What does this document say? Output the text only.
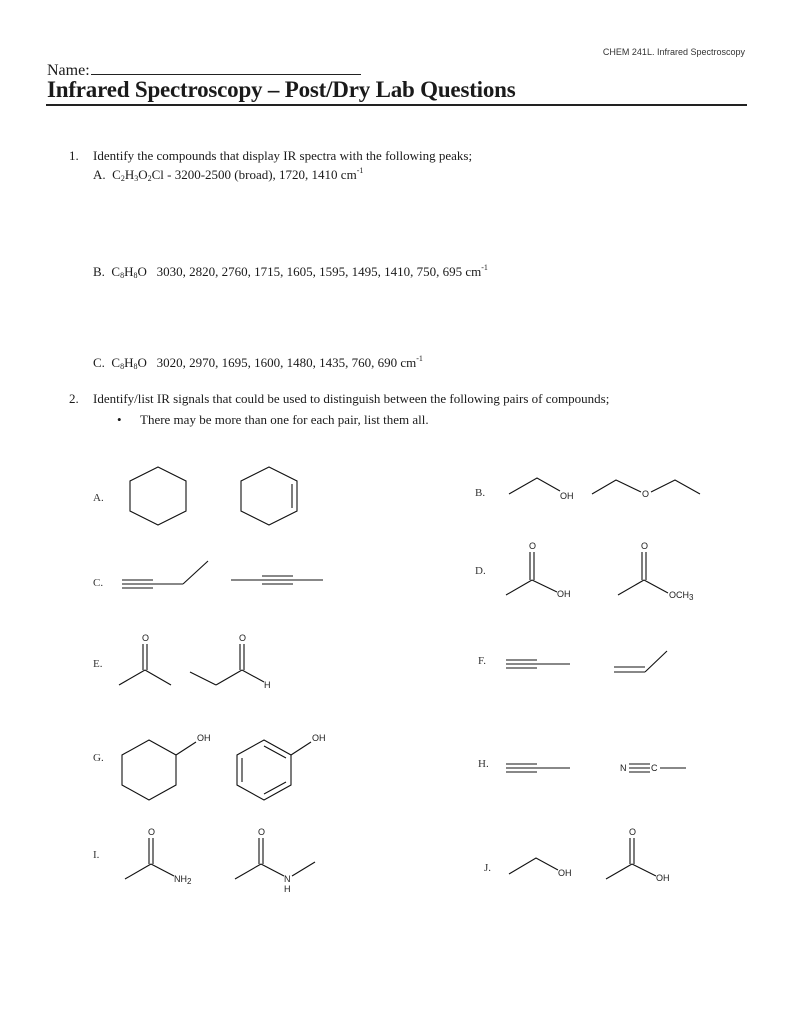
CHEM 241L. Infrared Spectroscopy
Name:
Infrared Spectroscopy – Post/Dry Lab Questions
1. Identify the compounds that display IR spectra with the following peaks;
A. $C_2H_3O_2Cl - 3200-2500$ (broad), 1720, 1410 $cm^{-1}$
B. $C_8H_8O$   3030, 2820, 2760, 1715, 1605, 1595, 1495, 1410, 750, 695 $cm^{-1}$
C. $C_8H_8O$   3020, 2970, 1695, 1600, 1480, 1435, 760, 690 $cm^{-1}$
2. Identify/list IR signals that could be used to distinguish between the following pairs of compounds;
• There may be more than one for each pair, list them all.
A.	B.
C.
D.
E.	F.
G.	H.
I.
J.
OH	O
O
OH
O
OCH3
O	O
H
OH	OH
N	C
O
NH2
O
N
H
OH
O
OH
